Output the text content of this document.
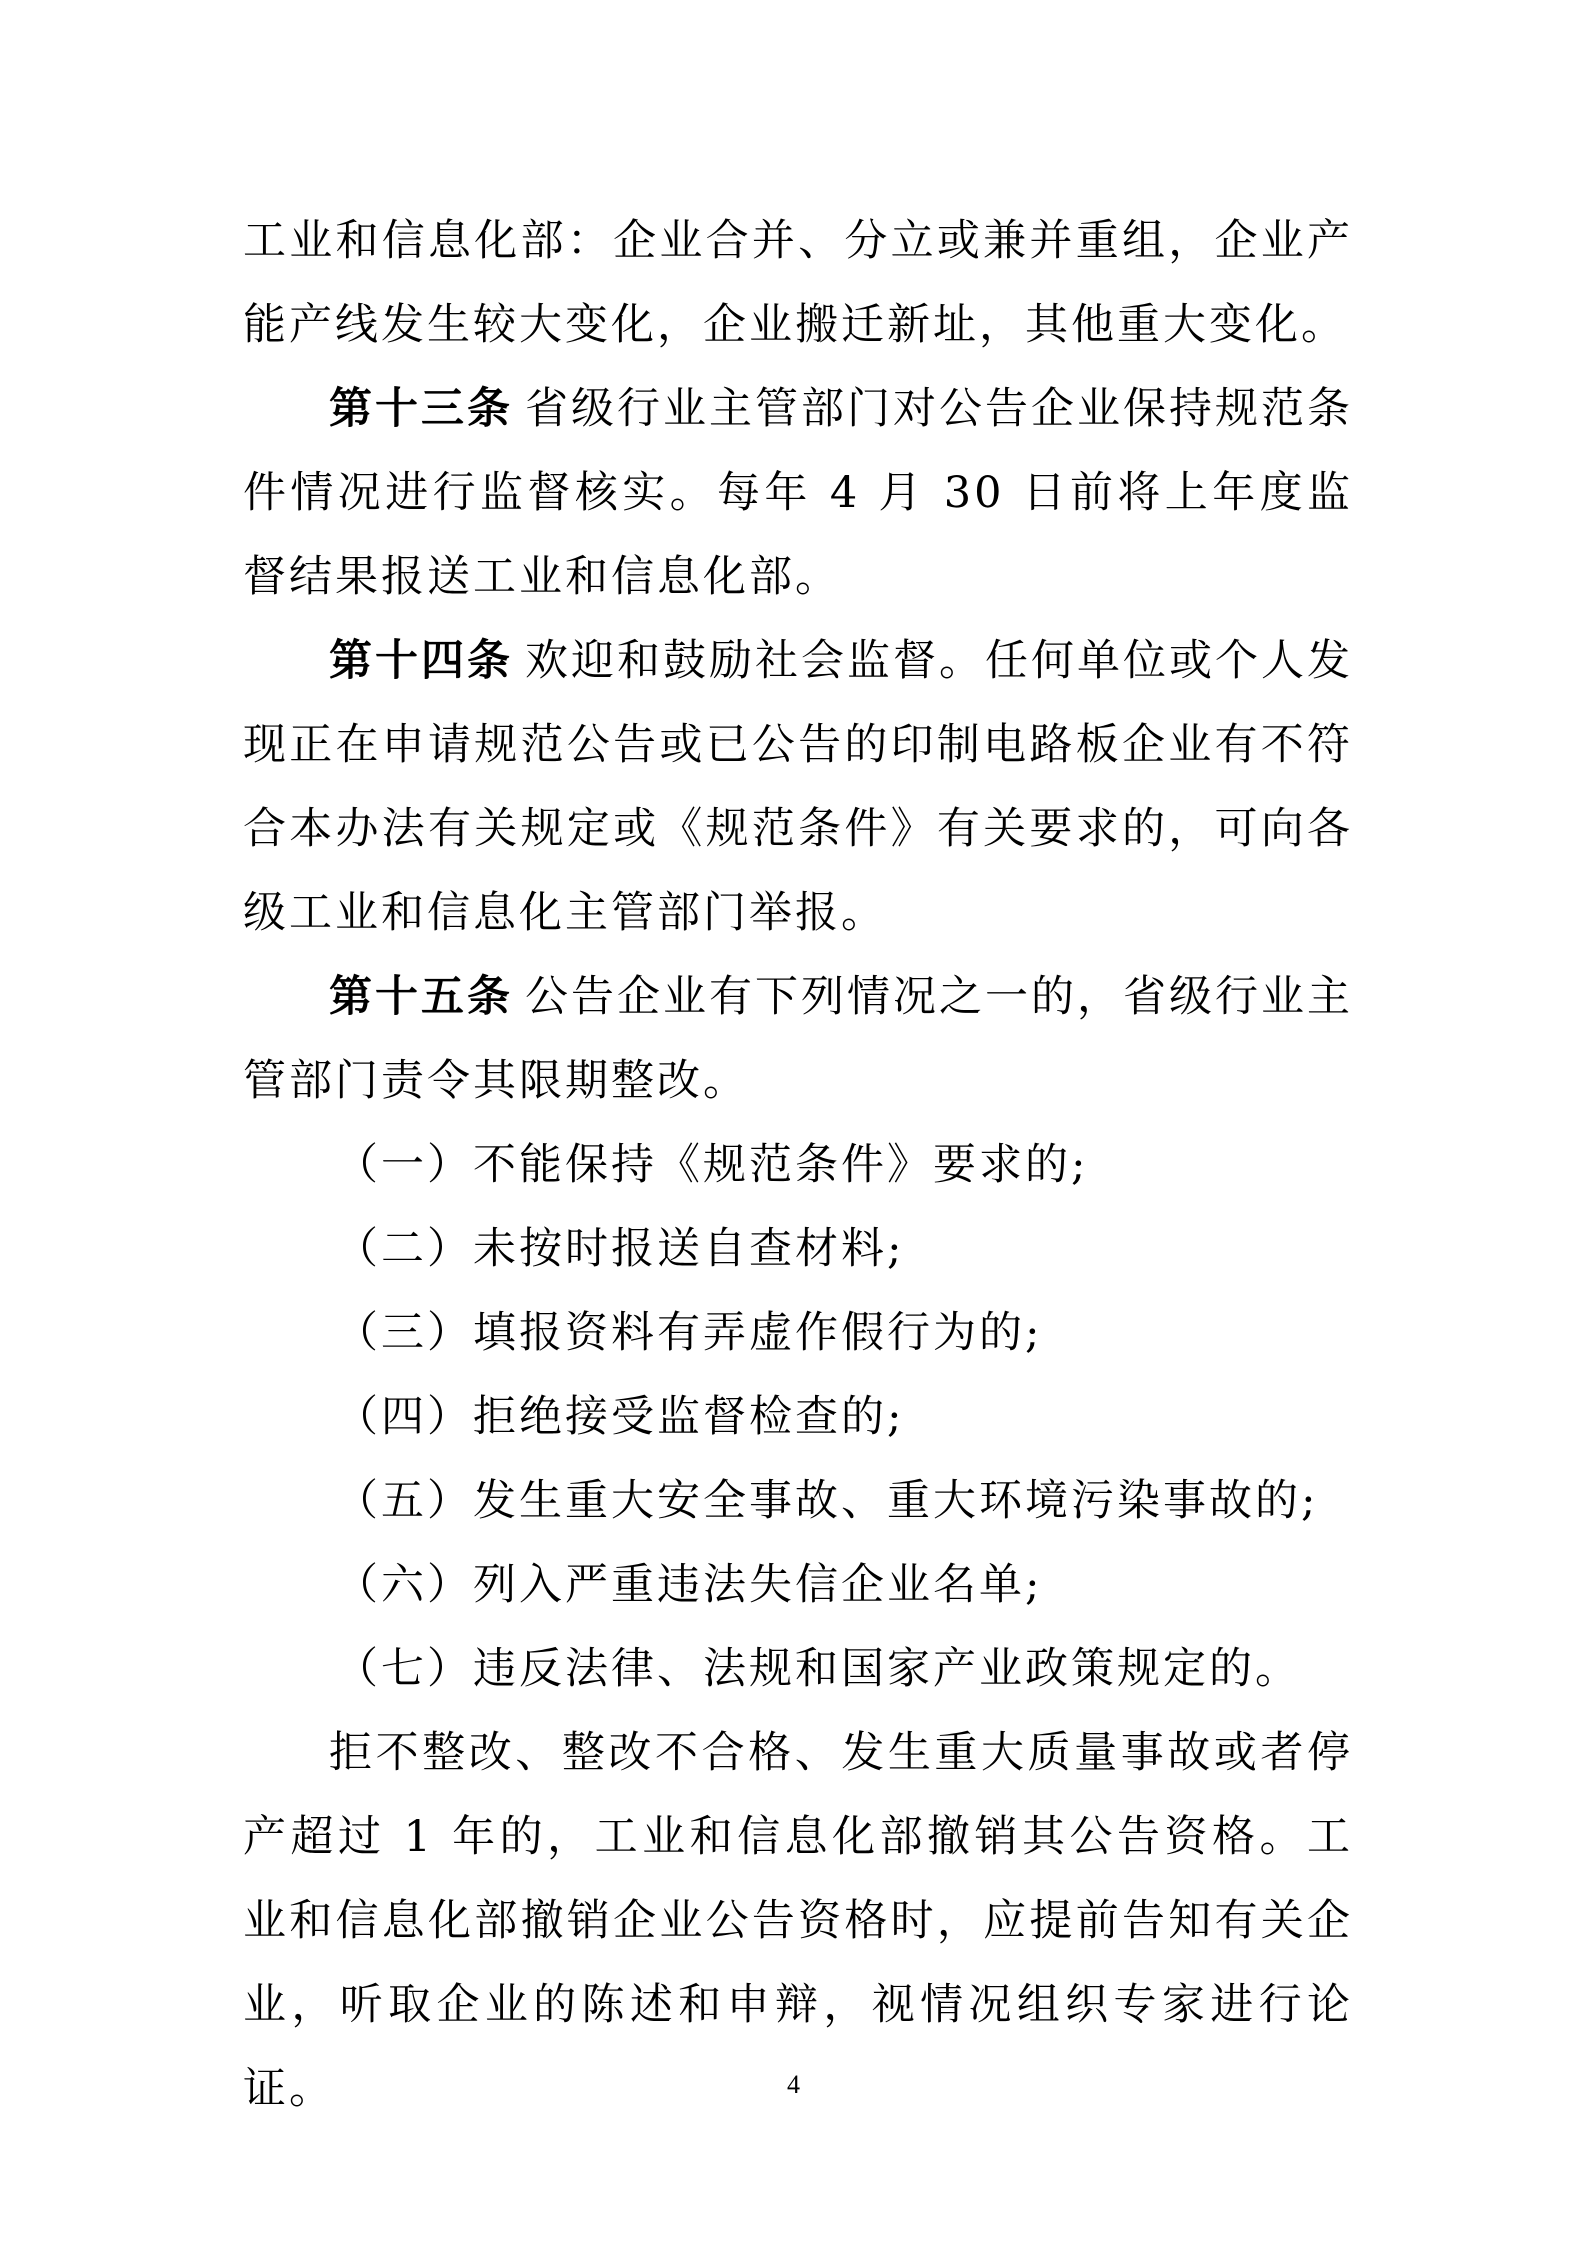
工业和信息化部：企业合并、分立或兼并重组，企业产能产线发生较大变化，企业搬迁新址，其他重大变化。

第十三条 省级行业主管部门对公告企业保持规范条件情况进行监督核实。每年 4 月 30 日前将上年度监督结果报送工业和信息化部。

第十四条 欢迎和鼓励社会监督。任何单位或个人发现正在申请规范公告或已公告的印制电路板企业有不符合本办法有关规定或《规范条件》有关要求的，可向各级工业和信息化主管部门举报。

第十五条 公告企业有下列情况之一的，省级行业主管部门责令其限期整改。

（一）不能保持《规范条件》要求的;

（二）未按时报送自查材料;

（三）填报资料有弄虚作假行为的;

（四）拒绝接受监督检查的;

（五）发生重大安全事故、重大环境污染事故的;

（六）列入严重违法失信企业名单;

（七）违反法律、法规和国家产业政策规定的。

拒不整改、整改不合格、发生重大质量事故或者停产超过 1 年的，工业和信息化部撤销其公告资格。工业和信息化部撤销企业公告资格时，应提前告知有关企业，听取企业的陈述和申辩，视情况组织专家进行论证。	4
